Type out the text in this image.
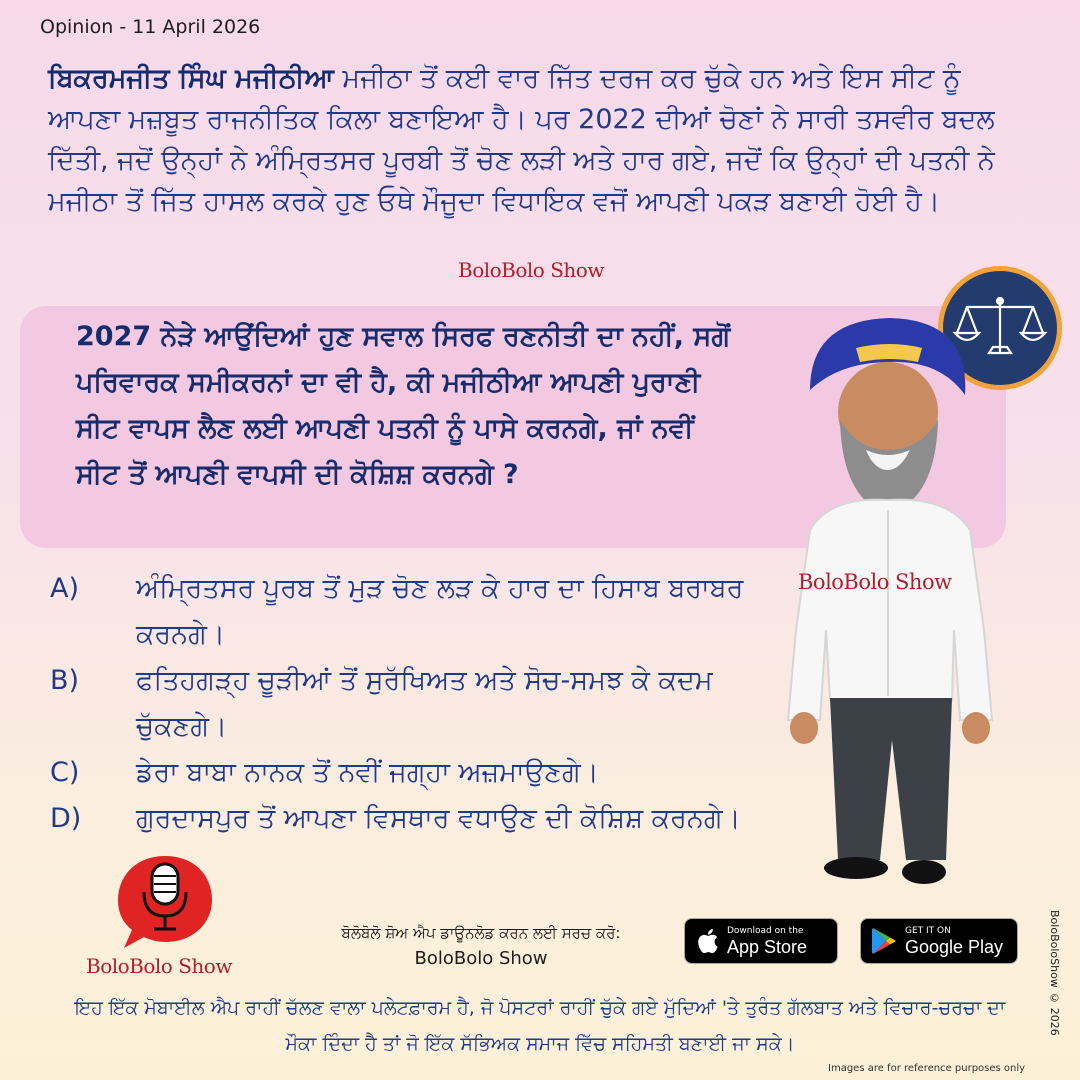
Opinion - 11 April 2026

ਬਿਕਰਮਜੀਤ ਸਿੰਘ ਮਜੀਠੀਆ ਮਜੀਠਾ ਤੋਂ ਕਈ ਵਾਰ ਜਿੱਤ ਦਰਜ ਕਰ ਚੁੱਕੇ ਹਨ ਅਤੇ ਇਸ ਸੀਟ ਨੂੰ ਆਪਣਾ ਮਜ਼ਬੂਤ ਰਾਜਨੀਤਿਕ ਕਿਲਾ ਬਣਾਇਆ ਹੈ। ਪਰ 2022 ਦੀਆਂ ਚੋਣਾਂ ਨੇ ਸਾਰੀ ਤਸਵੀਰ ਬਦਲ ਦਿੱਤੀ, ਜਦੋਂ ਉਨ੍ਹਾਂ ਨੇ ਅੰਮ੍ਰਿਤਸਰ ਪੂਰਬੀ ਤੋਂ ਚੋਣ ਲੜੀ ਅਤੇ ਹਾਰ ਗਏ, ਜਦੋਂ ਕਿ ਉਨ੍ਹਾਂ ਦੀ ਪਤਨੀ ਨੇ ਮਜੀਠਾ ਤੋਂ ਜਿੱਤ ਹਾਸਲ ਕਰਕੇ ਹੁਣ ਓਥੇ ਮੌਜੂਦਾ ਵਿਧਾਇਕ ਵਜੋਂ ਆਪਣੀ ਪਕੜ ਬਣਾਈ ਹੋਈ ਹੈ।

BoloBolo Show

2027 ਨੇੜੇ ਆਉਂਦਿਆਂ ਹੁਣ ਸਵਾਲ ਸਿਰਫ ਰਣਨੀਤੀ ਦਾ ਨਹੀਂ, ਸਗੋਂ ਪਰਿਵਾਰਕ ਸਮੀਕਰਨਾਂ ਦਾ ਵੀ ਹੈ, ਕੀ ਮਜੀਠੀਆ ਆਪਣੀ ਪੁਰਾਣੀ ਸੀਟ ਵਾਪਸ ਲੈਣ ਲਈ ਆਪਣੀ ਪਤਨੀ ਨੂੰ ਪਾਸੇ ਕਰਨਗੇ, ਜਾਂ ਨਵੀਂ ਸੀਟ ਤੋਂ ਆਪਣੀ ਵਾਪਸੀ ਦੀ ਕੋਸ਼ਿਸ਼ ਕਰਨਗੇ ?

A)	ਅੰਮ੍ਰਿਤਸਰ ਪੂਰਬ ਤੋਂ ਮੁੜ ਚੋਣ ਲੜ ਕੇ ਹਾਰ ਦਾ ਹਿਸਾਬ ਬਰਾਬਰ ਕਰਨਗੇ।
B)	ਫਤਿਹਗੜ੍ਹ ਚੂੜੀਆਂ ਤੋਂ ਸੁਰੱਖਿਅਤ ਅਤੇ ਸੋਚ-ਸਮਝ ਕੇ ਕਦਮ ਚੁੱਕਣਗੇ।
C)	ਡੇਰਾ ਬਾਬਾ ਨਾਨਕ ਤੋਂ ਨਵੀਂ ਜਗ੍ਹਾ ਅਜ਼ਮਾਉਣਗੇ।
D)	ਗੁਰਦਾਸਪੁਰ ਤੋਂ ਆਪਣਾ ਵਿਸਥਾਰ ਵਧਾਉਣ ਦੀ ਕੋਸ਼ਿਸ਼ ਕਰਨਗੇ।
BoloBolo Show
BoloBolo Show
ਬੋਲੋਬੋਲੋ ਸ਼ੋਅ ਐਪ ਡਾਊਨਲੋਡ ਕਰਨ ਲਈ ਸਰਚ ਕਰੋ:
BoloBolo Show
Download on the
App Store
GET IT ON
Google Play

ਇਹ ਇੱਕ ਮੋਬਾਈਲ ਐਪ ਰਾਹੀਂ ਚੱਲਣ ਵਾਲਾ ਪਲੇਟਫ਼ਾਰਮ ਹੈ, ਜੋ ਪੋਸਟਰਾਂ ਰਾਹੀਂ ਚੁੱਕੇ ਗਏ ਮੁੱਦਿਆਂ 'ਤੇ ਤੁਰੰਤ ਗੱਲਬਾਤ ਅਤੇ ਵਿਚਾਰ-ਚਰਚਾ ਦਾ ਮੌਕਾ ਦਿੰਦਾ ਹੈ ਤਾਂ ਜੋ ਇੱਕ ਸੱਭਿਅਕ ਸਮਾਜ ਵਿੱਚ ਸਹਿਮਤੀ ਬਣਾਈ ਜਾ ਸਕੇ।

BoloBoloShow © 2026
Images are for reference purposes only
